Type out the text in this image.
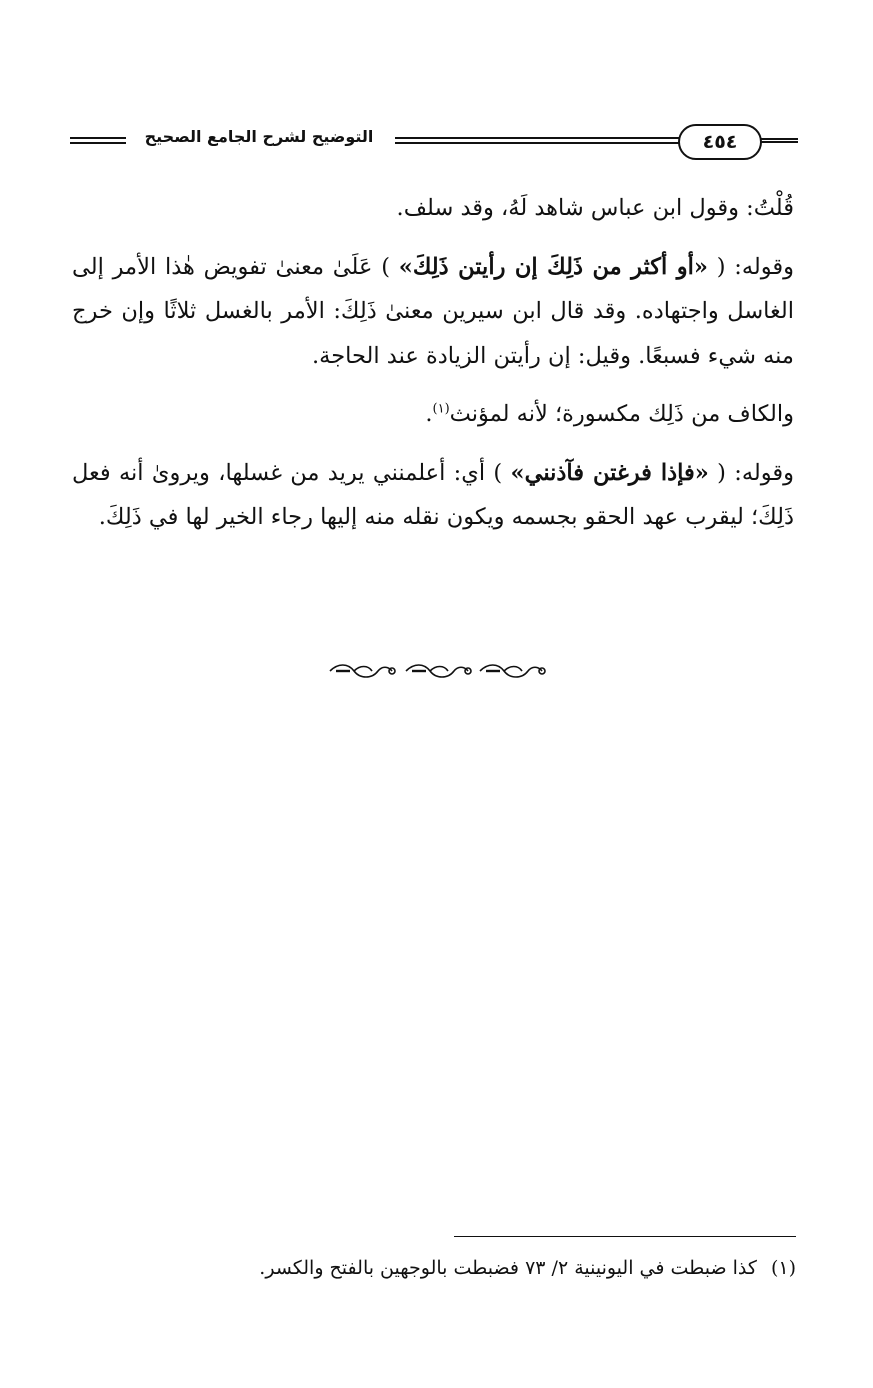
التوضيح لشرح الجامع الصحيح	٤٥٤

قُلْتُ: وقول ابن عباس شاهد لَهُ، وقد سلف.

وقوله: ( «أو أكثر من ذَلِكَ إن رأيتن ذَلِكَ» ) عَلَىٰ معنىٰ تفويض هٰذا الأمر إلى الغاسل واجتهاده. وقد قال ابن سيرين معنىٰ ذَلِكَ: الأمر بالغسل ثلاثًا وإن خرج منه شيء فسبعًا. وقيل: إن رأيتن الزيادة عند الحاجة.

والكاف من ذَلِك مكسورة؛ لأنه لمؤنث$^{(١)}$.

وقوله: ( «فإذا فرغتن فآذنني» ) أي: أعلمنني يريد من غسلها، ويروىٰ أنه فعل ذَلِكَ؛ ليقرب عهد الحقو بجسمه ويكون نقله منه إليها رجاء الخير لها في ذَلِكَ.

(١)كذا ضبطت في اليونينية ٢/ ٧٣ فضبطت بالوجهين بالفتح والكسر.
